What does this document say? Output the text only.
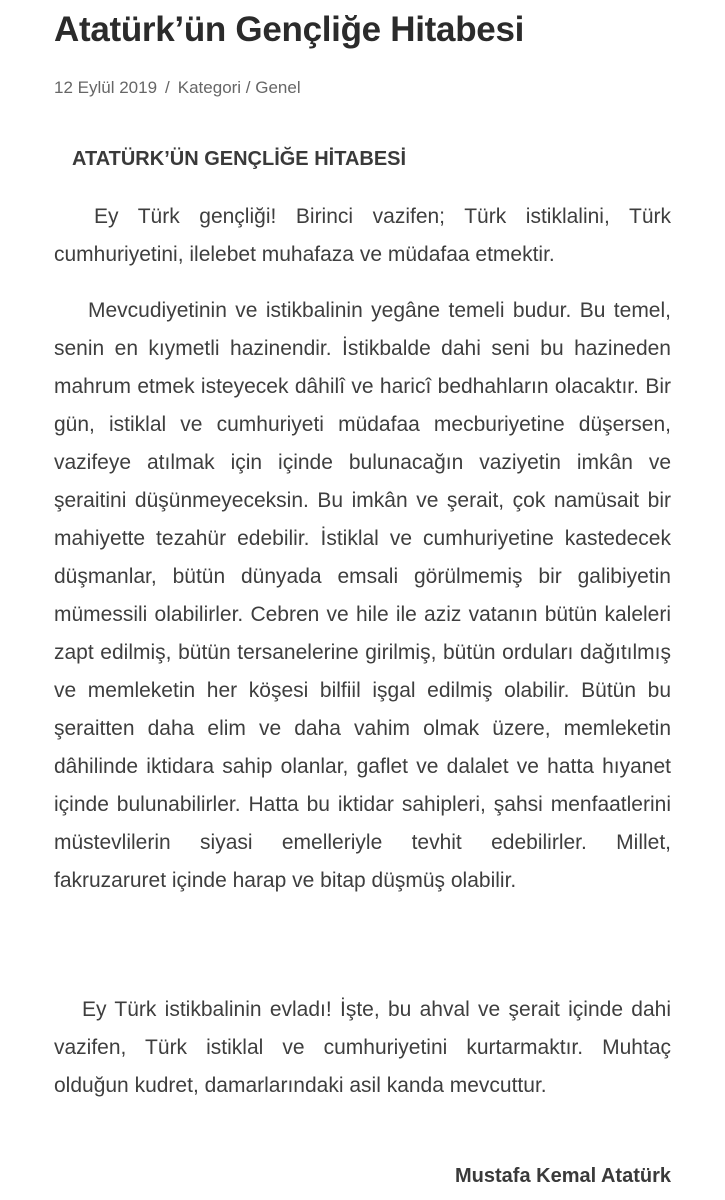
Atatürk’ün Gençliğe Hitabesi
12 Eylül 2019 / Kategori / Genel
ATATÜRK’ÜN GENÇLİĞE HİTABESİ

Ey Türk gençliği! Birinci vazifen; Türk istiklalini, Türk cumhuriyetini, ilelebet muhafaza ve müdafaa etmektir.

Mevcudiyetinin ve istikbalinin yegâne temeli budur. Bu temel, senin en kıymetli hazinendir. İstikbalde dahi seni bu hazineden mahrum etmek isteyecek dâhilî ve haricî bedhahların olacaktır. Bir gün, istiklal ve cumhuriyeti müdafaa mecburiyetine düşersen, vazifeye atılmak için içinde bulunacağın vaziyetin imkân ve şeraitini düşünmeyeceksin. Bu imkân ve şerait, çok namüsait bir mahiyette tezahür edebilir. İstiklal ve cumhuriyetine kastedecek düşmanlar, bütün dünyada emsali görülmemiş bir galibiyetin mümessili olabilirler. Cebren ve hile ile aziz vatanın bütün kaleleri zapt edilmiş, bütün tersanelerine girilmiş, bütün orduları dağıtılmış ve memleketin her köşesi bilfiil işgal edilmiş olabilir. Bütün bu şeraitten daha elim ve daha vahim olmak üzere, memleketin dâhilinde iktidara sahip olanlar, gaflet ve dalalet ve hatta hıyanet içinde bulunabilirler. Hatta bu iktidar sahipleri, şahsi menfaatlerini müstevlilerin siyasi emelleriyle tevhit edebilirler. Millet, fakruzaruret içinde harap ve bitap düşmüş olabilir.

Ey Türk istikbalinin evladı! İşte, bu ahval ve şerait içinde dahi vazifen, Türk istiklal ve cumhuriyetini kurtarmaktır. Muhtaç olduğun kudret, damarlarındaki asil kanda mevcuttur.

Mustafa Kemal Atatürk
